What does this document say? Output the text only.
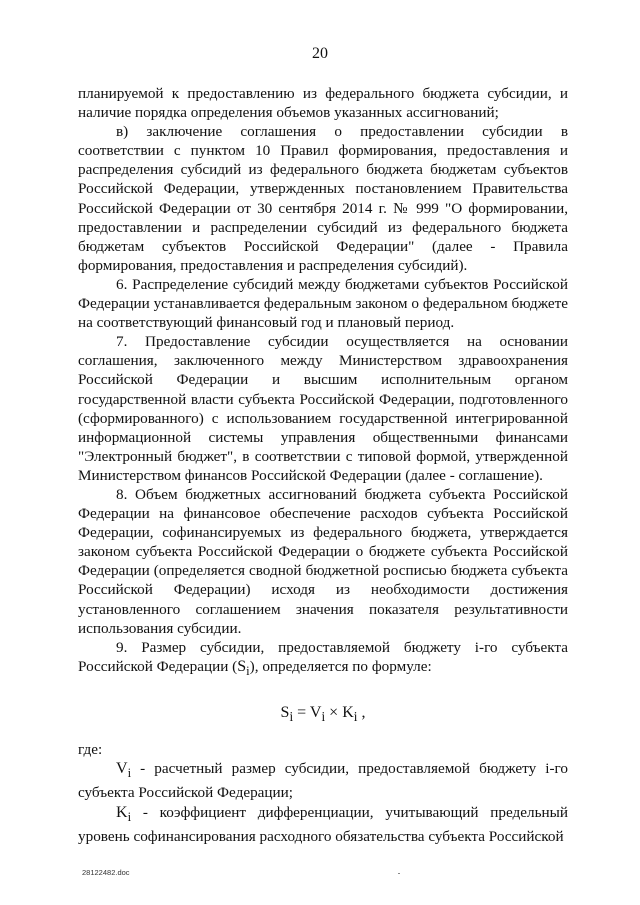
20

планируемой к предоставлению из федерального бюджета субсидии, и наличие порядка определения объемов указанных ассигнований;

в) заключение соглашения о предоставлении субсидии в соответствии с пунктом 10 Правил формирования, предоставления и распределения субсидий из федерального бюджета бюджетам субъектов Российской Федерации, утвержденных постановлением Правительства Российской Федерации от 30 сентября 2014 г. № 999 "О формировании, предоставлении и распределении субсидий из федерального бюджета бюджетам субъектов Российской Федерации" (далее - Правила формирования, предоставления и распределения субсидий).

6. Распределение субсидий между бюджетами субъектов Российской Федерации устанавливается федеральным законом о федеральном бюджете на соответствующий финансовый год и плановый период.

7. Предоставление субсидии осуществляется на основании соглашения, заключенного между Министерством здравоохранения Российской Федерации и высшим исполнительным органом государственной власти субъекта Российской Федерации, подготовленного (сформированного) с использованием государственной интегрированной информационной системы управления общественными финансами "Электронный бюджет", в соответствии с типовой формой, утвержденной Министерством финансов Российской Федерации (далее - соглашение).

8. Объем бюджетных ассигнований бюджета субъекта Российской Федерации на финансовое обеспечение расходов субъекта Российской Федерации, софинансируемых из федерального бюджета, утверждается законом субъекта Российской Федерации о бюджете субъекта Российской Федерации (определяется сводной бюджетной росписью бюджета субъекта Российской Федерации) исходя из необходимости достижения установленного соглашением значения показателя результативности использования субсидии.

9. Размер субсидии, предоставляемой бюджету i-го субъекта Российской Федерации $(S_i)$, определяется по формуле:

$S_i = V_i \times K_i$ ,

где:

$V_i$ - расчетный размер субсидии, предоставляемой бюджету i-го субъекта Российской Федерации;

$K_i$ - коэффициент дифференциации, учитывающий предельный уровень софинансирования расходного обязательства субъекта Российской

28122482.doc
